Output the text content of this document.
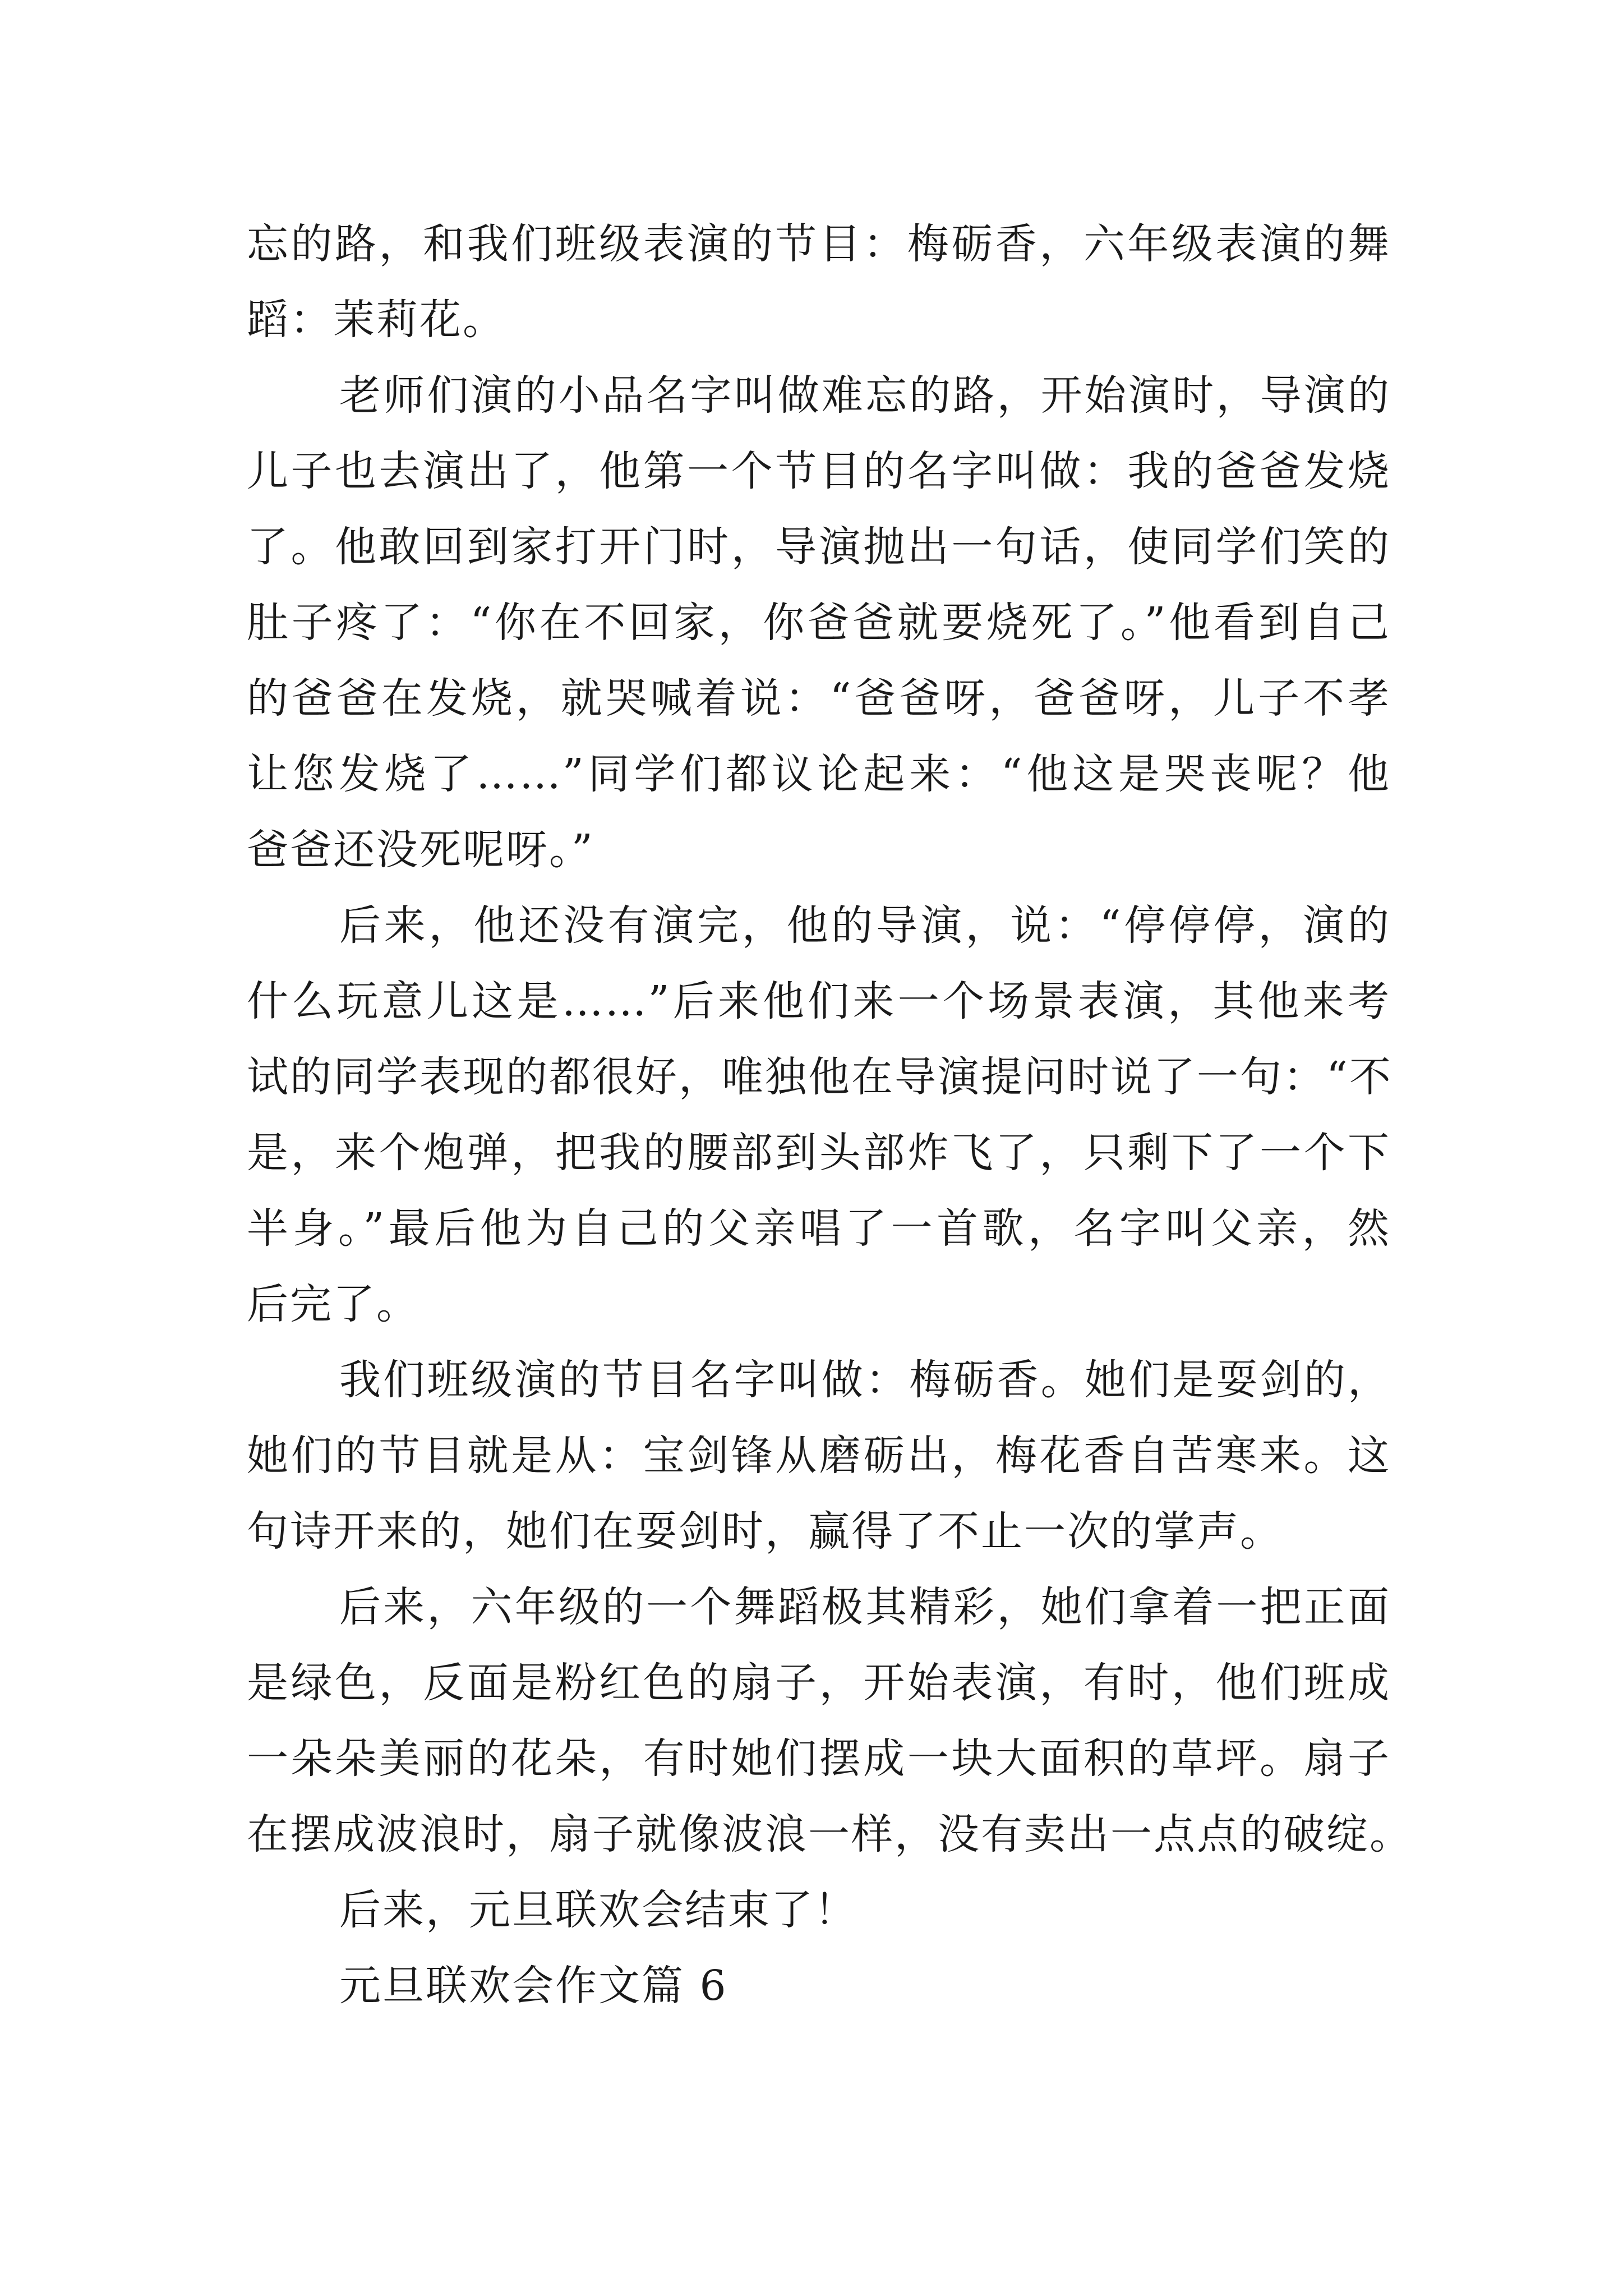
忘的路，和我们班级表演的节目：梅砺香，六年级表演的舞
蹈：茉莉花。
老师们演的小品名字叫做难忘的路，开始演时，导演的
儿子也去演出了，他第一个节目的名字叫做：我的爸爸发烧
了。他敢回到家打开门时，导演抛出一句话，使同学们笑的
肚子疼了：“你在不回家，你爸爸就要烧死了。”他看到自己
的爸爸在发烧，就哭喊着说：“爸爸呀，爸爸呀，儿子不孝
让您发烧了……”同学们都议论起来：“他这是哭丧呢？他
爸爸还没死呢呀。”
后来，他还没有演完，他的导演，说：“停停停，演的
什么玩意儿这是……”后来他们来一个场景表演，其他来考
试的同学表现的都很好，唯独他在导演提问时说了一句：“不
是，来个炮弹，把我的腰部到头部炸飞了，只剩下了一个下
半身。”最后他为自己的父亲唱了一首歌，名字叫父亲，然
后完了。
我们班级演的节目名字叫做：梅砺香。她们是耍剑的，
她们的节目就是从：宝剑锋从磨砺出，梅花香自苦寒来。这
句诗开来的，她们在耍剑时，赢得了不止一次的掌声。
后来，六年级的一个舞蹈极其精彩，她们拿着一把正面
是绿色，反面是粉红色的扇子，开始表演，有时，他们班成
一朵朵美丽的花朵，有时她们摆成一块大面积的草坪。扇子
在摆成波浪时，扇子就像波浪一样，没有卖出一点点的破绽。
后来，元旦联欢会结束了！
元旦联欢会作文篇 6
